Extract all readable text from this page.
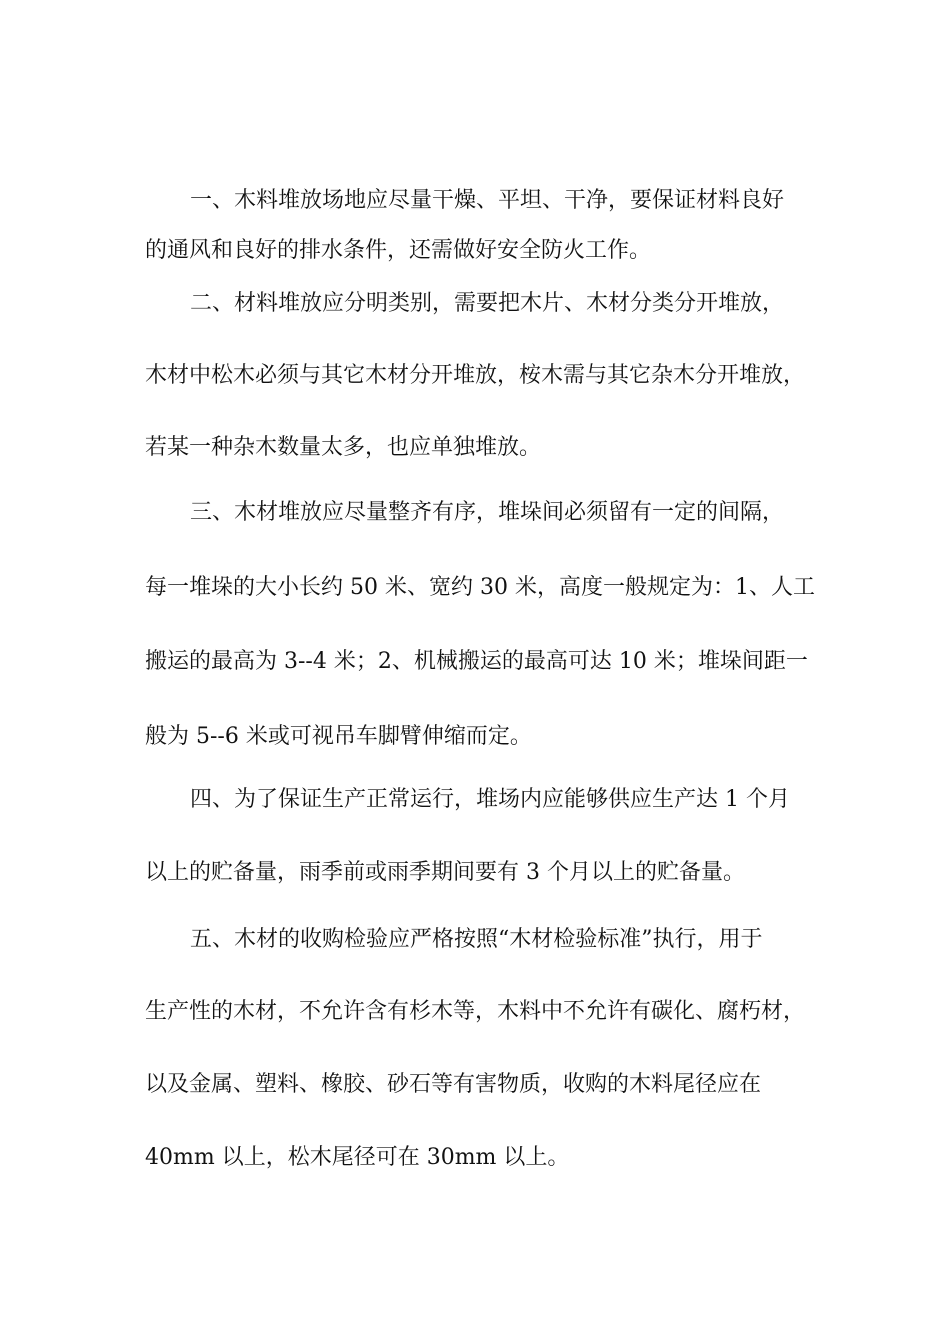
一、木料堆放场地应尽量干燥、平坦、干净，要保证材料良好
的通风和良好的排水条件，还需做好安全防火工作。
二、材料堆放应分明类别，需要把木片、木材分类分开堆放，
木材中松木必须与其它木材分开堆放，桉木需与其它杂木分开堆放，
若某一种杂木数量太多，也应单独堆放。
三、木材堆放应尽量整齐有序，堆垛间必须留有一定的间隔，
每一堆垛的大小长约 50 米、宽约 30 米，高度一般规定为：1、人工
搬运的最高为 3--4 米；2、机械搬运的最高可达 10 米；堆垛间距一
般为 5--6 米或可视吊车脚臂伸缩而定。
四、为了保证生产正常运行，堆场内应能够供应生产达 1 个月
以上的贮备量，雨季前或雨季期间要有 3 个月以上的贮备量。
五、木材的收购检验应严格按照“木材检验标准”执行，用于
生产性的木材，不允许含有杉木等，木料中不允许有碳化、腐朽材，
以及金属、塑料、橡胶、砂石等有害物质，收购的木料尾径应在
40mm 以上，松木尾径可在 30mm 以上。
